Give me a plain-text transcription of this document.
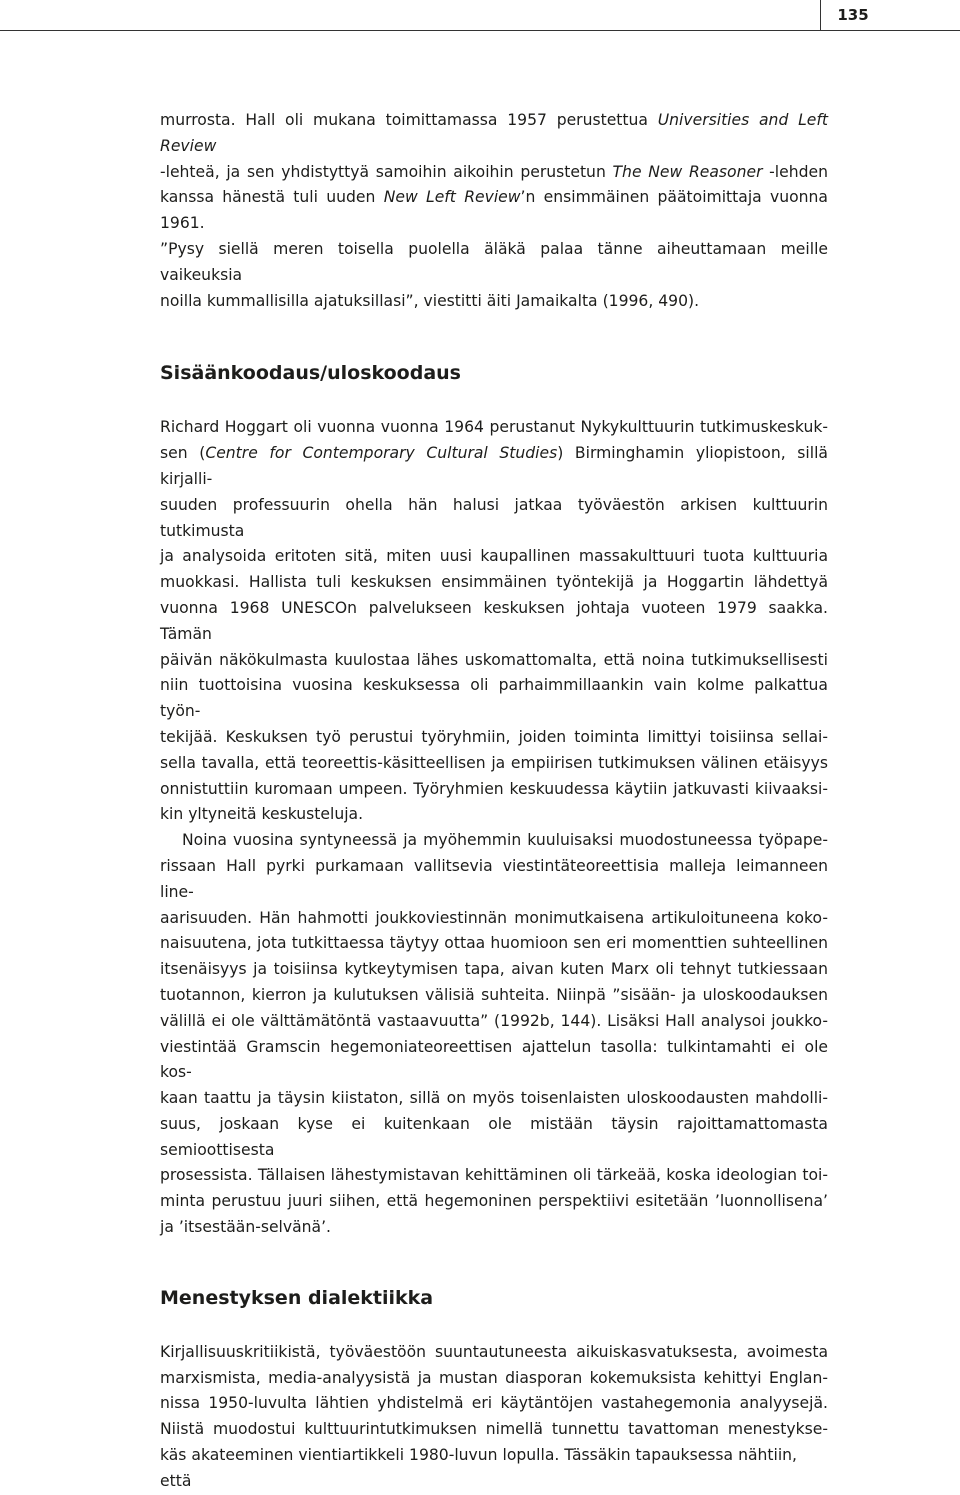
135
murrosta. Hall oli mukana toimittamassa 1957 perustettua Universities and Left Review
-lehteä, ja sen yhdistyttyä samoihin aikoihin perustetun The New Reasoner -lehden
kanssa hänestä tuli uuden New Left Review’n ensimmäinen päätoimittaja vuonna 1961.
”Pysy siellä meren toisella puolella äläkä palaa tänne aiheuttamaan meille vaikeuksia
noilla kummallisilla ajatuksillasi”, viestitti äiti Jamaikalta (1996, 490).
Sisäänkoodaus/uloskoodaus
Richard Hoggart oli vuonna vuonna 1964 perustanut Nykykulttuurin tutkimuskeskuk-
sen (Centre for Contemporary Cultural Studies) Birminghamin yliopistoon, sillä kirjalli-
suuden professuurin ohella hän halusi jatkaa työväestön arkisen kulttuurin tutkimusta
ja analysoida eritoten sitä, miten uusi kaupallinen massakulttuuri tuota kulttuuria
muokkasi. Hallista tuli keskuksen ensimmäinen työntekijä ja Hoggartin lähdettyä
vuonna 1968 UNESCOn palvelukseen keskuksen johtaja vuoteen 1979 saakka. Tämän
päivän näkökulmasta kuulostaa lähes uskomattomalta, että noina tutkimuksellisesti
niin tuottoisina vuosina keskuksessa oli parhaimmillaankin vain kolme palkattua työn-
tekijää. Keskuksen työ perustui työryhmiin, joiden toiminta limittyi toisiinsa sellai-
sella tavalla, että teoreettis-käsitteellisen ja empiirisen tutkimuksen välinen etäisyys
onnistuttiin kuromaan umpeen. Työryhmien keskuudessa käytiin jatkuvasti kiivaaksi-
kin yltyneitä keskusteluja.
Noina vuosina syntyneessä ja myöhemmin kuuluisaksi muodostuneessa työpape-
rissaan Hall pyrki purkamaan vallitsevia viestintäteoreettisia malleja leimanneen line-
aarisuuden. Hän hahmotti joukkoviestinnän monimutkaisena artikuloituneena koko-
naisuutena, jota tutkittaessa täytyy ottaa huomioon sen eri momenttien suhteellinen
itsenäisyys ja toisiinsa kytkeytymisen tapa, aivan kuten Marx oli tehnyt tutkiessaan
tuotannon, kierron ja kulutuksen välisiä suhteita. Niinpä ”sisään- ja uloskoodauksen
välillä ei ole välttämätöntä vastaavuutta” (1992b, 144). Lisäksi Hall analysoi joukko-
viestintää Gramscin hegemoniateoreettisen ajattelun tasolla: tulkintamahti ei ole kos-
kaan taattu ja täysin kiistaton, sillä on myös toisenlaisten uloskoodausten mahdolli-
suus, joskaan kyse ei kuitenkaan ole mistään täysin rajoittamattomasta semioottisesta
prosessista. Tällaisen lähestymistavan kehittäminen oli tärkeää, koska ideologian toi-
minta perustuu juuri siihen, että hegemoninen perspektiivi esitetään ’luonnollisena’
ja ’itsestään-selvänä’.
Menestyksen dialektiikka
Kirjallisuuskritiikistä, työväestöön suuntautuneesta aikuiskasvatuksesta, avoimesta
marxismista, media-analyysistä ja mustan diasporan kokemuksista kehittyi Englan-
nissa 1950-luvulta lähtien yhdistelmä eri käytäntöjen vastahegemonia analyysejä.
Niistä muodostui kulttuurintutkimuksen nimellä tunnettu tavattoman menestykse-
käs akateeminen vientiartikkeli 1980-luvun lopulla. Tässäkin tapauksessa nähtiin, että
